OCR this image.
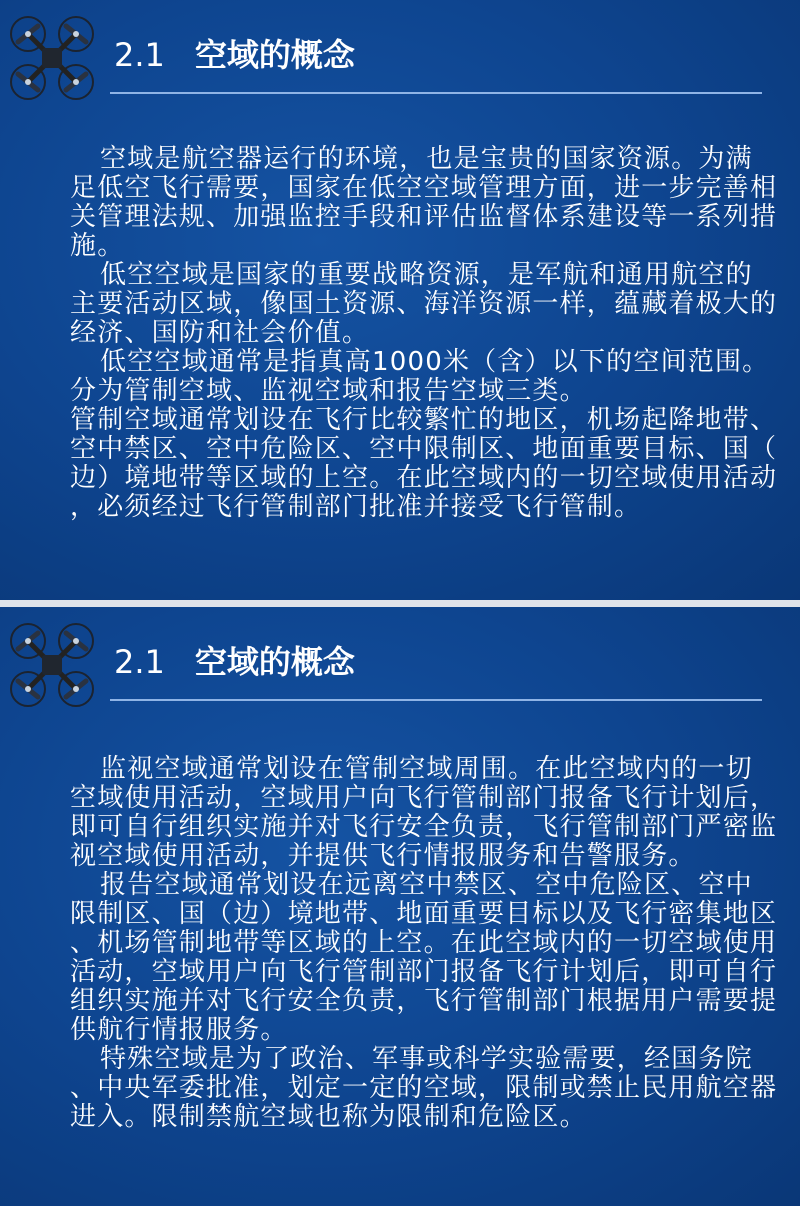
2.1 空域的概念
空域是航空器运行的环境，也是宝贵的国家资源。为满
足低空飞行需要，国家在低空空域管理方面，进一步完善相
关管理法规、加强监控手段和评估监督体系建设等一系列措
施。
低空空域是国家的重要战略资源，是军航和通用航空的
主要活动区域，像国土资源、海洋资源一样，蕴藏着极大的
经济、国防和社会价值。
低空空域通常是指真高1000米（含）以下的空间范围。
分为管制空域、监视空域和报告空域三类。
管制空域通常划设在飞行比较繁忙的地区，机场起降地带、
空中禁区、空中危险区、空中限制区、地面重要目标、国（
边）境地带等区域的上空。在此空域内的一切空域使用活动
，必须经过飞行管制部门批准并接受飞行管制。
2.1 空域的概念
监视空域通常划设在管制空域周围。在此空域内的一切
空域使用活动，空域用户向飞行管制部门报备飞行计划后，
即可自行组织实施并对飞行安全负责，飞行管制部门严密监
视空域使用活动，并提供飞行情报服务和告警服务。
报告空域通常划设在远离空中禁区、空中危险区、空中
限制区、国（边）境地带、地面重要目标以及飞行密集地区
、机场管制地带等区域的上空。在此空域内的一切空域使用
活动，空域用户向飞行管制部门报备飞行计划后，即可自行
组织实施并对飞行安全负责，飞行管制部门根据用户需要提
供航行情报服务。
特殊空域是为了政治、军事或科学实验需要，经国务院
、中央军委批准，划定一定的空域，限制或禁止民用航空器
进入。限制禁航空域也称为限制和危险区。
